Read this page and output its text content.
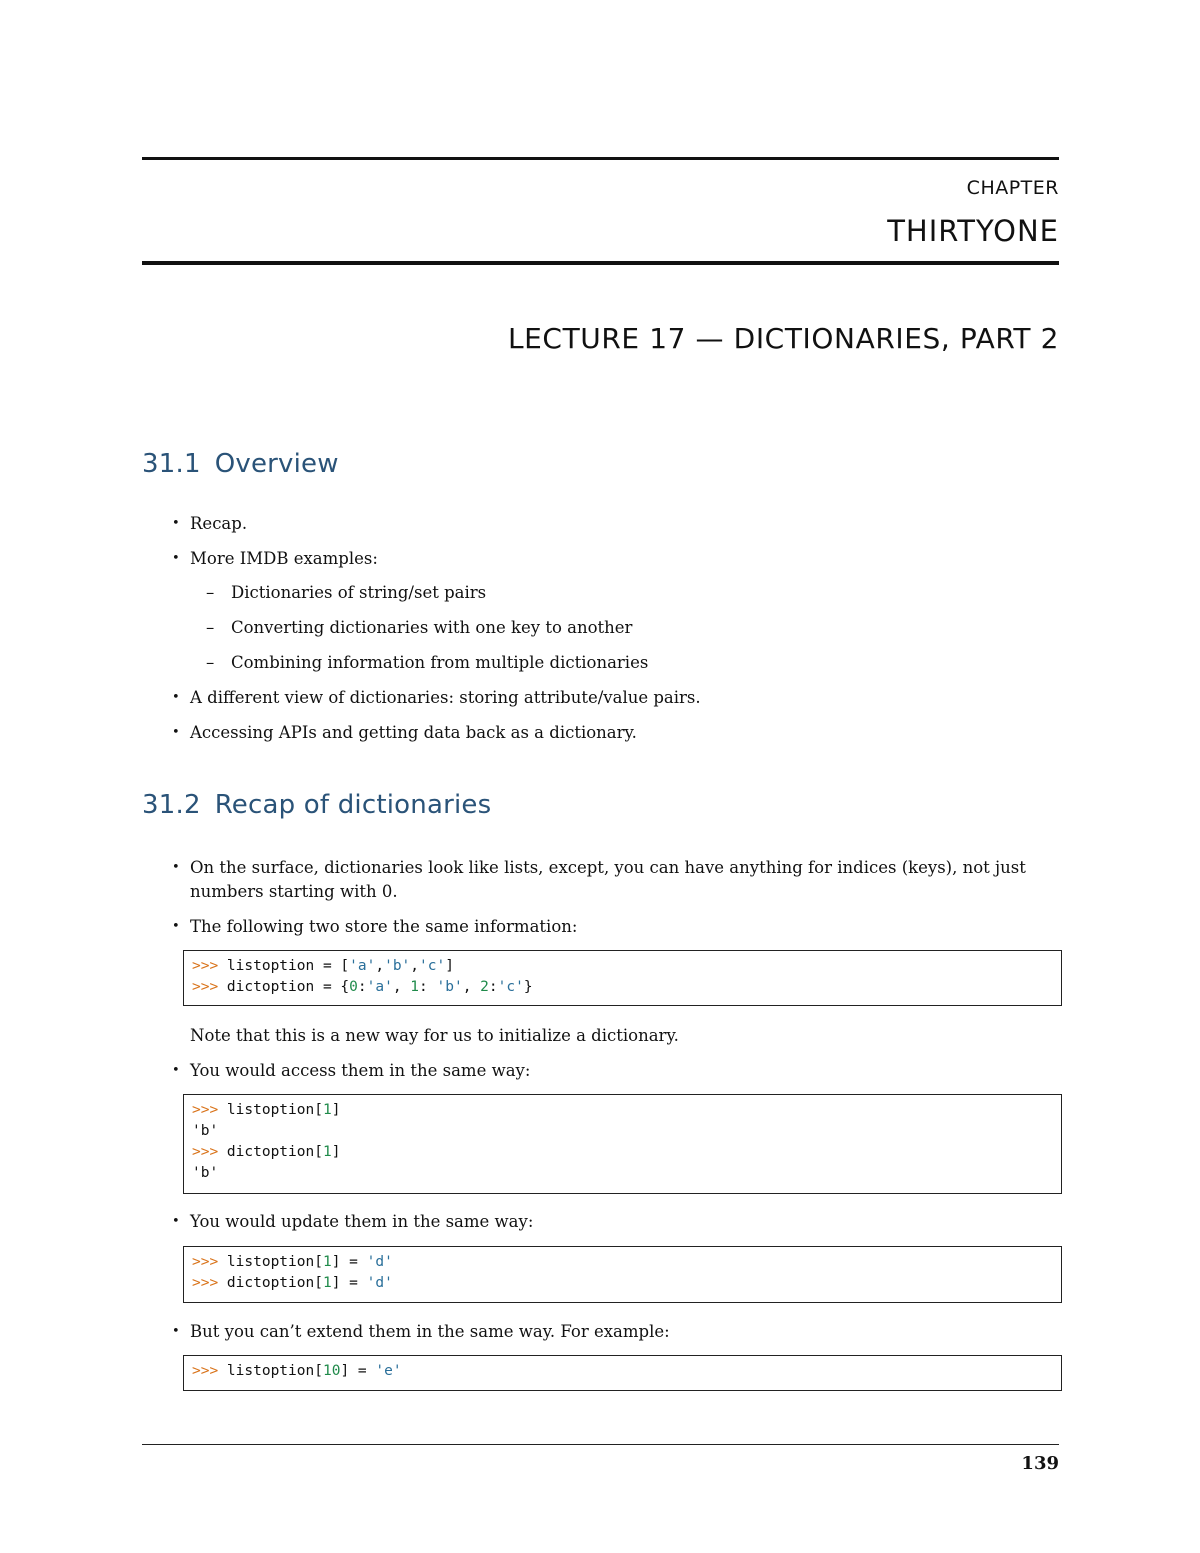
CHAPTER
THIRTYONE
LECTURE 17 — DICTIONARIES, PART 2
31.1 Overview
• Recap.
• More IMDB examples:
– Dictionaries of string/set pairs
– Converting dictionaries with one key to another
– Combining information from multiple dictionaries
• A different view of dictionaries: storing attribute/value pairs.
• Accessing APIs and getting data back as a dictionary.
31.2 Recap of dictionaries
• On the surface, dictionaries look like lists, except, you can have anything for indices (keys), not just numbers starting with 0.
• The following two store the same information:
>>> listoption = ['a','b','c']
>>> dictoption = {0:'a', 1: 'b', 2:'c'}
Note that this is a new way for us to initialize a dictionary.
• You would access them in the same way:
>>> listoption[1]
'b'
>>> dictoption[1]
'b'
• You would update them in the same way:
>>> listoption[1] = 'd'
>>> dictoption[1] = 'd'
• But you can’t extend them in the same way. For example:
>>> listoption[10] = 'e'
139
